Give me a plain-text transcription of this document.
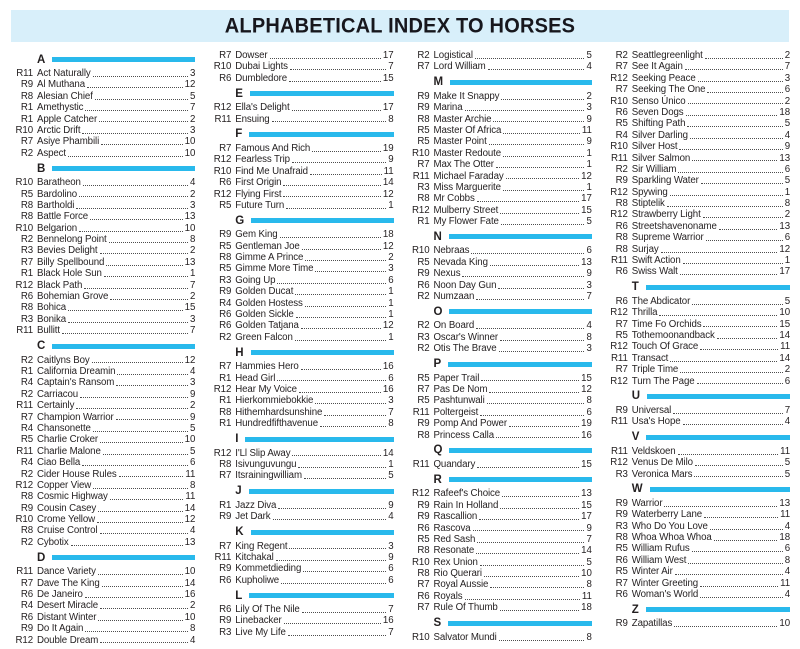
ALPHABETICAL INDEX TO HORSES
A
R11 Act Naturally	3
R9 Al Muthana	12
R8 Alesian Chief	5
R1 Amethystic	7
R1 Apple Catcher	2
R10 Arctic Drift	3
R7 Asiye Phambili	10
R2 Aspect	10
B
R10 Baratheon	4
R5 Bardolino	2
R8 Bartholdi	3
R8 Battle Force	13
R10 Belgarion	10
R2 Bennelong Point	8
R3 Bevies Delight	2
R7 Billy Spellbound	13
R1 Black Hole Sun	1
R12 Black Path	7
R6 Bohemian Grove	2
R8 Bohica	15
R3 Bonika	3
R11 Bullitt	7
C
R2 Caitlyns Boy	12
R1 California Dreamin	4
R4 Captain's Ransom	3
R2 Carriacou	9
R11 Certainly	2
R7 Champion Warrior	9
R4 Chansonette	5
R5 Charlie Croker	10
R11 Charlie Malone	5
R4 Ciao Bella	6
R2 Cider House Rules	11
R12 Copper View	8
R8 Cosmic Highway	11
R9 Cousin Casey	14
R10 Crome Yellow	12
R8 Cruise Control	4
R2 Cybotix	13
D
R11 Dance Variety	10
R7 Dave The King	14
R6 De Janeiro	16
R4 Desert Miracle	2
R6 Distant Winter	10
R9 Do It Again	8
R12 Double Dream	4
R7 Dowser	17
R10 Dubai Lights	7
R6 Dumbledore	15
E
R12 Ella's Delight	17
R11 Ensuing	8
F
R7 Famous And Rich	19
R12 Fearless Trip	9
R10 Find Me Unafraid	11
R6 First Origin	14
R12 Flying First	12
R5 Future Turn	1
G
R9 Gem King	18
R5 Gentleman Joe	12
R8 Gimme A Prince	2
R5 Gimme More Time	3
R3 Going Up	6
R9 Golden Ducat	1
R4 Golden Hostess	1
R6 Golden Sickle	1
R6 Golden Tatjana	12
R2 Green Falcon	1
H
R7 Hammies Hero	16
R1 Head Girl	6
R12 Hear My Voice	16
R1 Hierkommiebokkie	3
R8 Hithemhardsunshine	7
R1 Hundredfifthavenue	8
I
R12 I'Ll Slip Away	14
R8 Isivunguvungu	1
R7 Itsrainingwilliam	5
J
R1 Jazz Diva	9
R9 Jet Dark	4
K
R7 King Regent	3
R11 Kitchakal	9
R9 Kommetdieding	6
R6 Kupholiwe	6
L
R6 Lily Of The Nile	7
R9 Linebacker	16
R3 Live My Life	7
R2 Logistical	5
R7 Lord William	4
M
R9 Make It Snappy	2
R9 Marina	3
R8 Master Archie	9
R5 Master Of Africa	11
R5 Master Point	9
R10 Master Redoute	1
R7 Max The Otter	1
R11 Michael Faraday	12
R3 Miss Marguerite	1
R8 Mr Cobbs	17
R12 Mulberry Street	15
R1 My Flower Fate	5
N
R10 Nebraas	6
R5 Nevada King	13
R9 Nexus	9
R6 Noon Day Gun	3
R2 Numzaan	7
O
R2 On Board	4
R3 Oscar's Winner	8
R2 Otis The Brave	3
P
R5 Paper Trail	15
R7 Pas De Nom	12
R5 Pashtunwali	8
R11 Poltergeist	6
R9 Pomp And Power	19
R8 Princess Calla	16
Q
R11 Quandary	15
R
R12 Rafeef's Choice	13
R9 Rain In Holland	15
R9 Rascallion	17
R6 Rascova	9
R5 Red Sash	7
R8 Resonate	14
R10 Rex Union	5
R8 Rio Querari	10
R7 Royal Aussie	8
R6 Royals	11
R7 Rule Of Thumb	18
S
R10 Salvator Mundi	8
R2 Seattlegreenlight	2
R7 See It Again	7
R12 Seeking Peace	3
R7 Seeking The One	6
R10 Senso Único	2
R6 Seven Dogs	18
R5 Shifting Path	5
R4 Silver Darling	4
R10 Silver Host	9
R11 Silver Salmon	13
R2 Sir William	6
R9 Sparkling Water	5
R12 Spywing	1
R8 Stiptelik	8
R12 Strawberry Light	2
R6 Streetshavenoname	13
R8 Supreme Warrior	6
R8 Surjay	12
R11 Swift Action	1
R6 Swiss Walt	17
T
R6 The Abdicator	5
R12 Thrilla	10
R7 Time Fo Orchids	15
R5 Tothemoonandback	14
R12 Touch Of Grace	11
R11 Transact	14
R7 Triple Time	2
R12 Turn The Page	6
U
R9 Universal	7
R11 Usa's Hope	4
V
R11 Veldskoen	11
R12 Venus De Milo	5
R3 Veronica Mars	5
W
R9 Warrior	13
R9 Waterberry Lane	11
R3 Who Do You Love	4
R8 Whoa Whoa Whoa	18
R5 William Rufus	6
R6 William West	8
R5 Winter Air	4
R7 Winter Greeting	11
R6 Woman's World	4
Z
R9 Zapatillas	10
